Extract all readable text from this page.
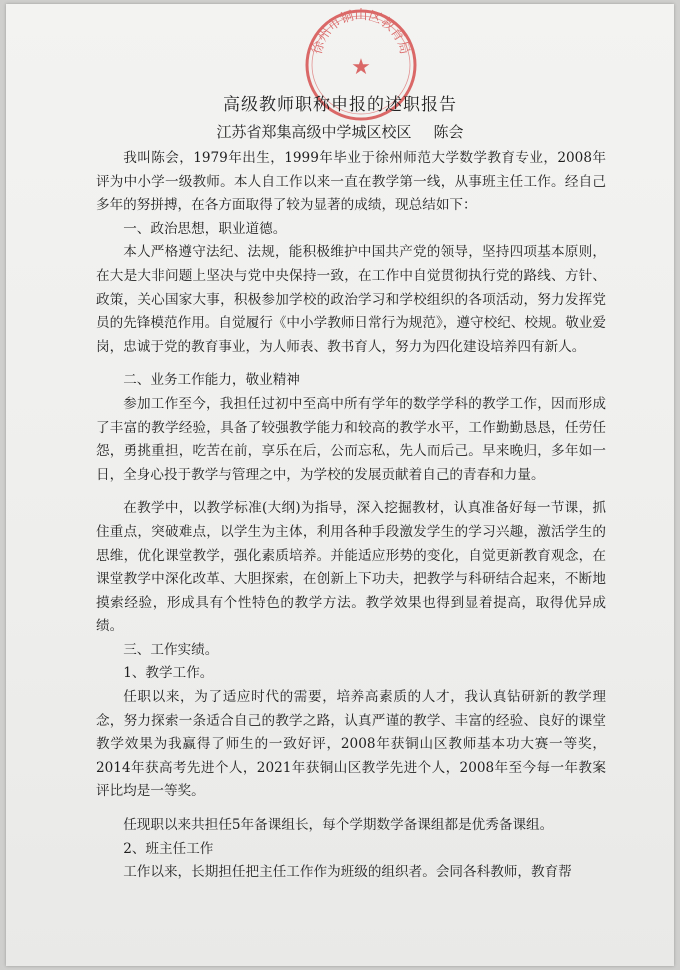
徐州市铜山区教育局
★
高级教师职称申报的述职报告
江苏省郑集高级中学城区校区 陈会

我叫陈会，1979年出生，1999年毕业于徐州师范大学数学教育专业，2008年评为中小学一级教师。本人自工作以来一直在教学第一线，从事班主任工作。经自己多年的努拼搏，在各方面取得了较为显著的成绩，现总结如下：

一、政治思想，职业道德。

本人严格遵守法纪、法规，能积极维护中国共产党的领导，坚持四项基本原则，在大是大非问题上坚决与党中央保持一致，在工作中自觉贯彻执行党的路线、方针、政策，关心国家大事，积极参加学校的政治学习和学校组织的各项活动，努力发挥党员的先锋模范作用。自觉履行《中小学教师日常行为规范》，遵守校纪、校规。敬业爱岗，忠诚于党的教育事业，为人师表、教书育人，努力为四化建设培养四有新人。

二、业务工作能力，敬业精神

参加工作至今，我担任过初中至高中所有学年的数学学科的教学工作，因而形成了丰富的教学经验，具备了较强教学能力和较高的教学水平，工作勤勤恳恳，任劳任怨，勇挑重担，吃苦在前，享乐在后，公而忘私，先人而后己。早来晚归，多年如一日，全身心投于教学与管理之中，为学校的发展贡献着自己的青春和力量。

在教学中，以教学标准(大纲)为指导，深入挖掘教材，认真准备好每一节课，抓住重点，突破难点，以学生为主体，利用各种手段激发学生的学习兴趣，激活学生的思维，优化课堂教学，强化素质培养。并能适应形势的变化，自觉更新教育观念，在课堂教学中深化改革、大胆探索，在创新上下功夫，把教学与科研结合起来，不断地摸索经验，形成具有个性特色的教学方法。教学效果也得到显着提高，取得优异成绩。

三、工作实绩。

1、教学工作。

任职以来，为了适应时代的需要，培养高素质的人才，我认真钻研新的教学理念，努力探索一条适合自己的教学之路，认真严谨的教学、丰富的经验、良好的课堂教学效果为我赢得了师生的一致好评，2008年获铜山区教师基本功大赛一等奖，2014年获高考先进个人，2021年获铜山区教学先进个人，2008年至今每一年教案评比均是一等奖。

任现职以来共担任5年备课组长，每个学期数学备课组都是优秀备课组。

2、班主任工作

工作以来，长期担任把主任工作作为班级的组织者。会同各科教师，教育帮
